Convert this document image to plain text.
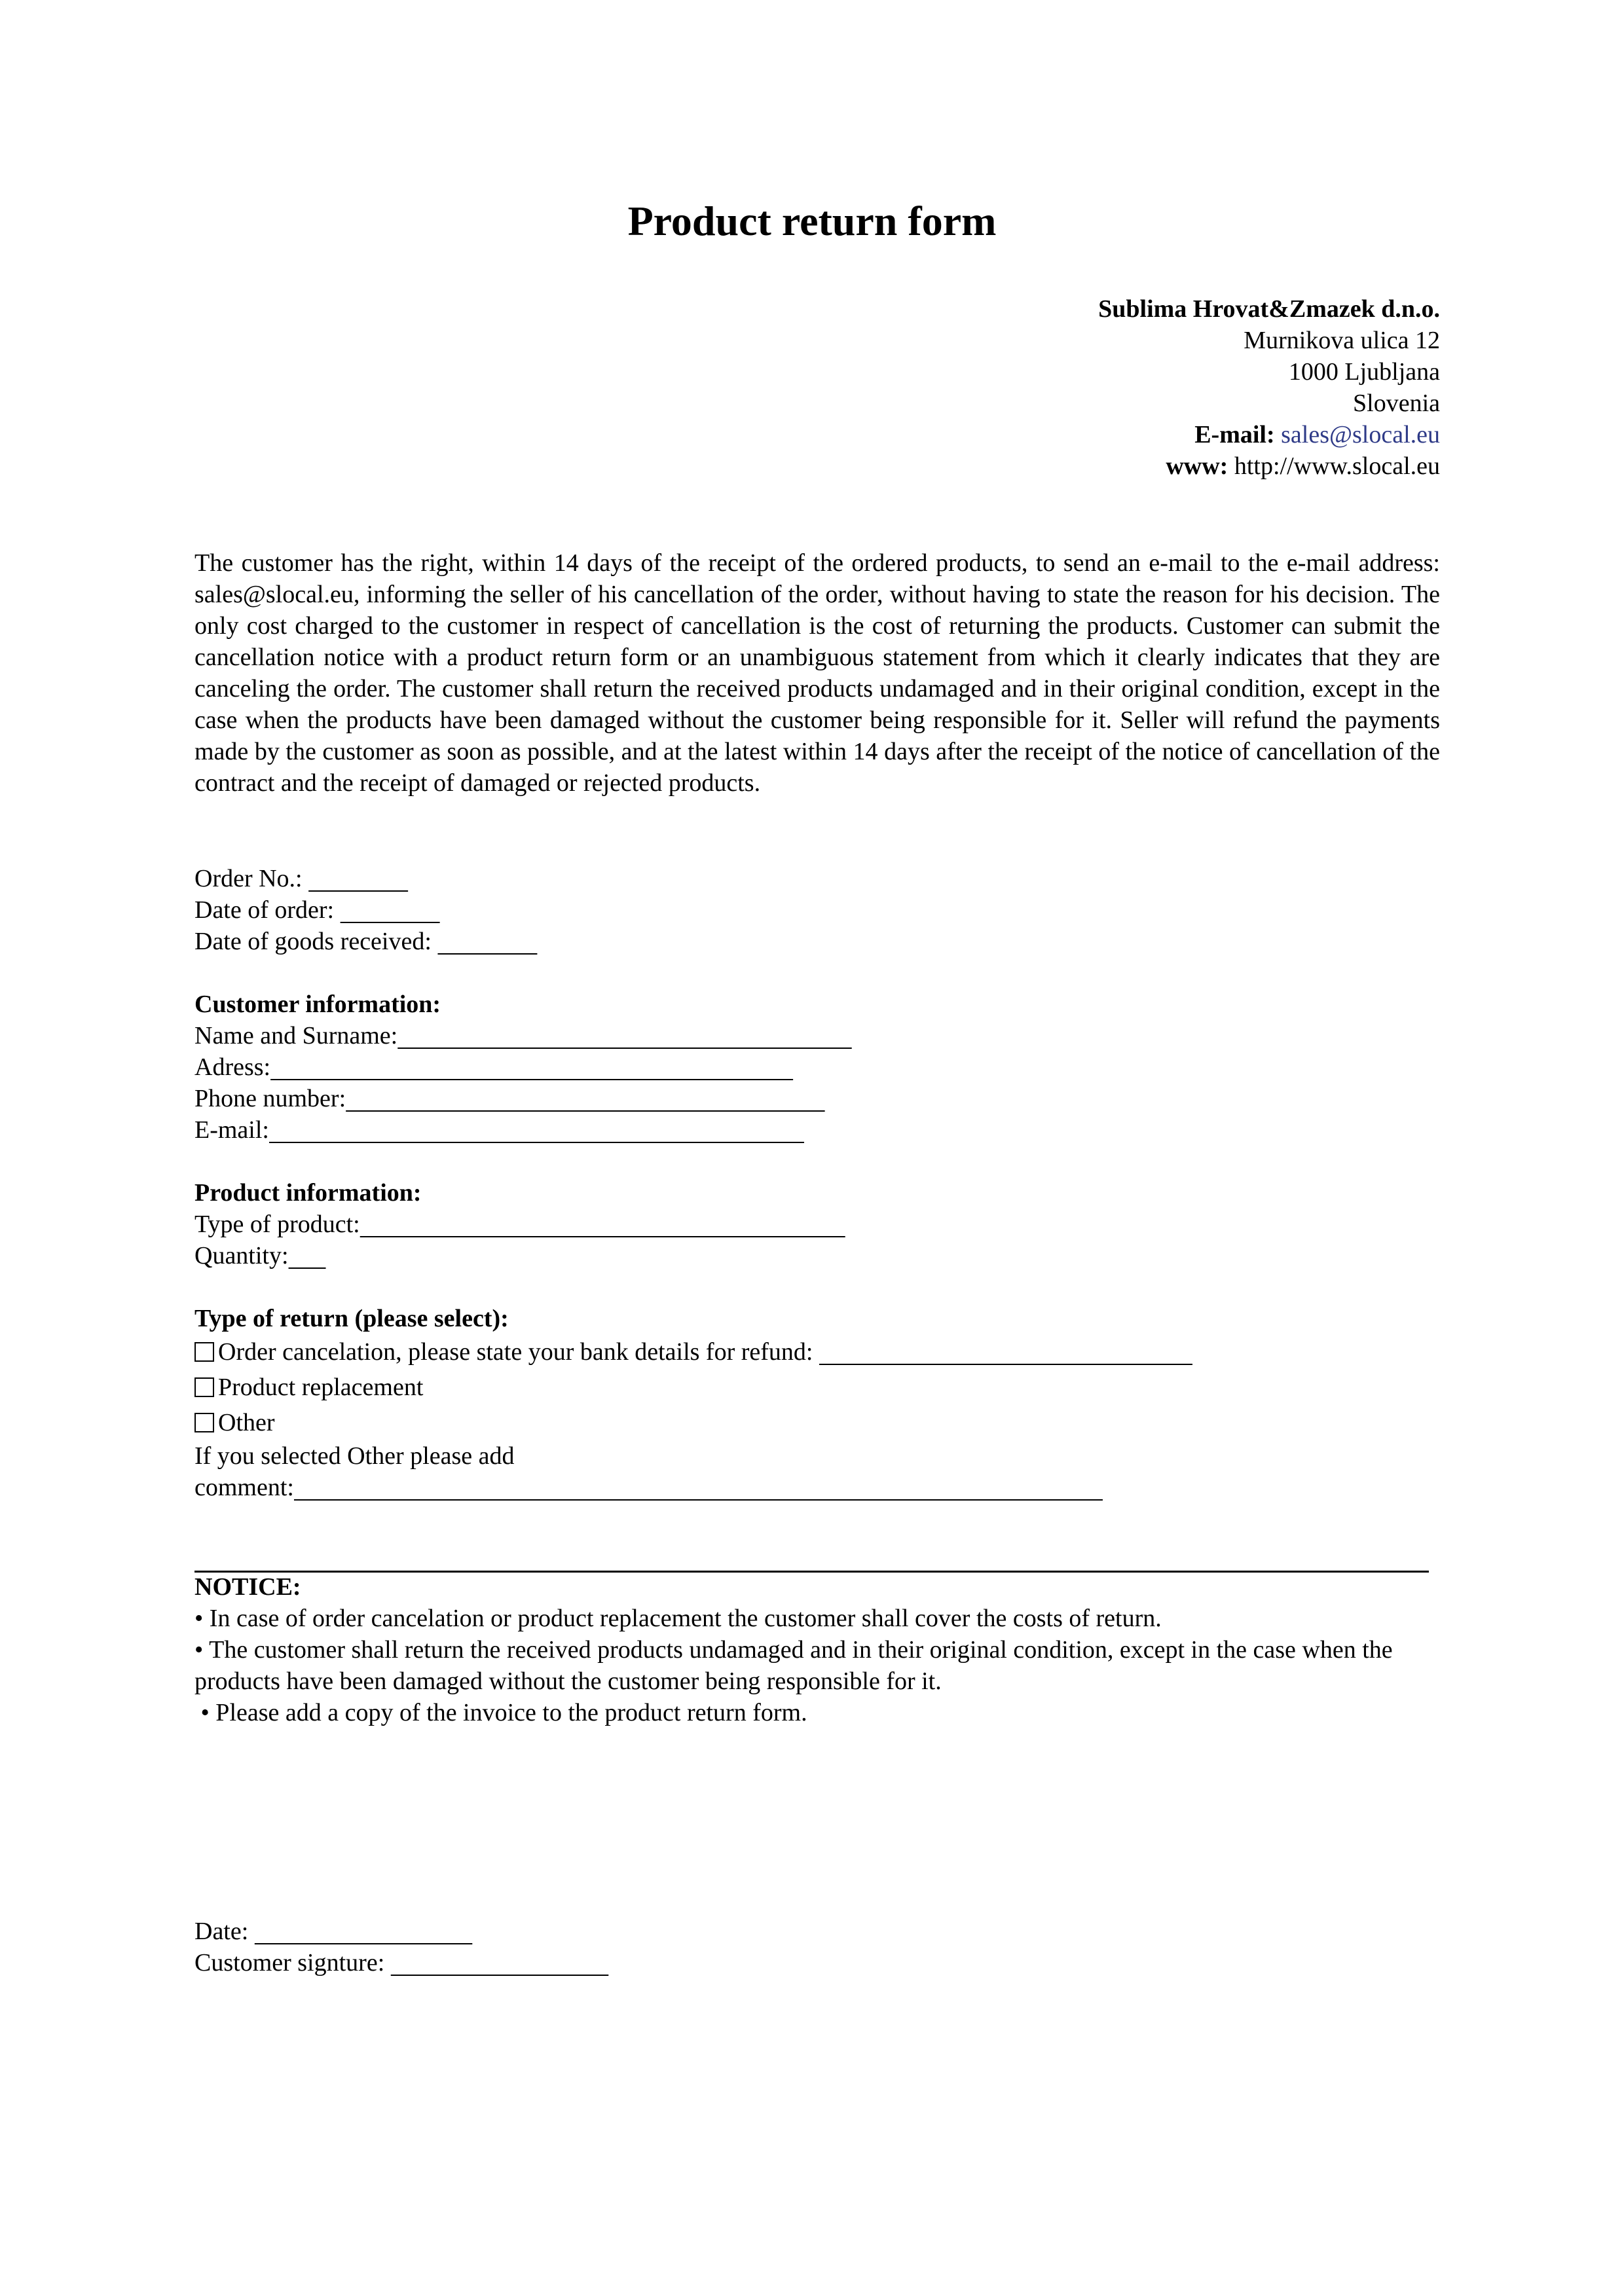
Product return form
Sublima Hrovat&Zmazek d.n.o.
Murnikova ulica 12
1000 Ljubljana
Slovenia
E-mail: sales@slocal.eu
www: http://www.slocal.eu

The customer has the right, within 14 days of the receipt of the ordered products, to send an e-mail to the e-mail address: sales@slocal.eu, informing the seller of his cancellation of the order, without having to state the reason for his decision. The only cost charged to the customer in respect of cancellation is the cost of returning the products. Customer can submit the cancellation notice with a product return form or an unambiguous statement from which it clearly indicates that they are canceling the order. The customer shall return the received products undamaged and in their original condition, except in the case when the products have been damaged without the customer being responsible for it. Seller will refund the payments made by the customer as soon as possible, and at the latest within 14 days after the receipt of the notice of cancellation of the contract and the receipt of damaged or rejected products.

Order No.:
Date of order:
Date of goods received:
Customer information:
Name and Surname:
Adress:
Phone number:
E-mail:
Product information:
Type of product:
Quantity:
Type of return (please select):
Order cancelation, please state your bank details for refund:
Product replacement
Other
If you selected Other please add
comment:
NOTICE:
• In case of order cancelation or product replacement the customer shall cover the costs of return.
• The customer shall return the received products undamaged and in their original condition, except in the case when the products have been damaged without the customer being responsible for it.
• Please add a copy of the invoice to the product return form.
Date:
Customer signture:
